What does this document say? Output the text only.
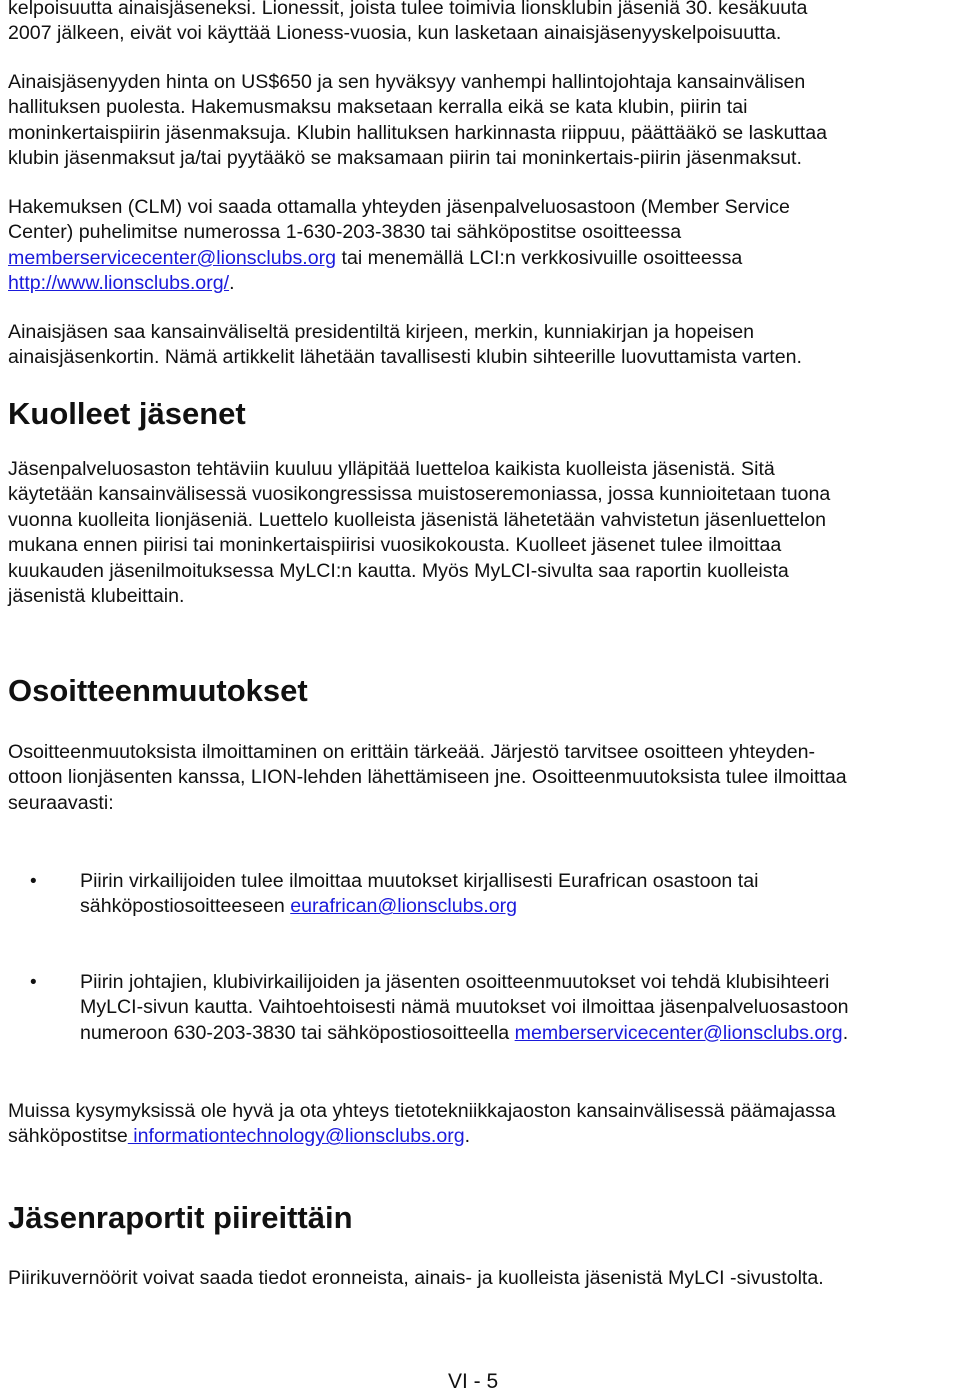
kelpoisuutta ainaisjäseneksi. Lionessit, joista tulee toimivia lionsklubin jäseniä 30. kesäkuuta

2007 jälkeen, eivät voi käyttää Lioness-vuosia, kun lasketaan ainaisjäsenyyskelpoisuutta.

Ainaisjäsenyyden hinta on US$650 ja sen hyväksyy vanhempi hallintojohtaja kansainvälisen

hallituksen puolesta. Hakemusmaksu maksetaan kerralla eikä se kata klubin, piirin tai

moninkertaispiirin jäsenmaksuja. Klubin hallituksen harkinnasta riippuu, päättääkö se laskuttaa

klubin jäsenmaksut ja/tai pyytääkö se maksamaan piirin tai moninkertais-piirin jäsenmaksut.

Hakemuksen (CLM) voi saada ottamalla yhteyden jäsenpalveluosastoon (Member Service

Center) puhelimitse numerossa 1-630-203-3830 tai sähköpostitse osoitteessa

memberservicecenter@lionsclubs.org tai menemällä LCI:n verkkosivuille osoitteessa

http://www.lionsclubs.org/.

Ainaisjäsen saa kansainväliseltä presidentiltä kirjeen, merkin, kunniakirjan ja hopeisen

ainaisjäsenkortin. Nämä artikkelit lähetään tavallisesti klubin sihteerille luovuttamista varten.

Kuolleet jäsenet

Jäsenpalveluosaston tehtäviin kuuluu ylläpitää luetteloa kaikista kuolleista jäsenistä. Sitä

käytetään kansainvälisessä vuosikongressissa muistoseremoniassa, jossa kunnioitetaan tuona

vuonna kuolleita lionjäseniä. Luettelo kuolleista jäsenistä lähetetään vahvistetun jäsenluettelon

mukana ennen piirisi tai moninkertaispiirisi vuosikokousta. Kuolleet jäsenet tulee ilmoittaa

kuukauden jäsenilmoituksessa MyLCI:n kautta. Myös MyLCI-sivulta saa raportin kuolleista

jäsenistä klubeittain.

Osoitteenmuutokset

Osoitteenmuutoksista ilmoittaminen on erittäin tärkeää. Järjestö tarvitsee osoitteen yhteyden-

ottoon lionjäsenten kanssa, LION-lehden lähettämiseen jne. Osoitteenmuutoksista tulee ilmoittaa

seuraavasti:

• Piirin virkailijoiden tulee ilmoittaa muutokset kirjallisesti Eurafrican osastoon tai

sähköpostiosoitteeseen eurafrican@lionsclubs.org

• Piirin johtajien, klubivirkailijoiden ja jäsenten osoitteenmuutokset voi tehdä klubisihteeri

MyLCI-sivun kautta. Vaihtoehtoisesti nämä muutokset voi ilmoittaa jäsenpalveluosastoon

numeroon 630-203-3830 tai sähköpostiosoitteella memberservicecenter@lionsclubs.org.

Muissa kysymyksissä ole hyvä ja ota yhteys tietotekniikkajaoston kansainvälisessä päämajassa

sähköpostitse informationtechnology@lionsclubs.org.

Jäsenraportit piireittäin

Piirikuvernöörit voivat saada tiedot eronneista, ainais- ja kuolleista jäsenistä MyLCI -sivustolta.

VI - 5
